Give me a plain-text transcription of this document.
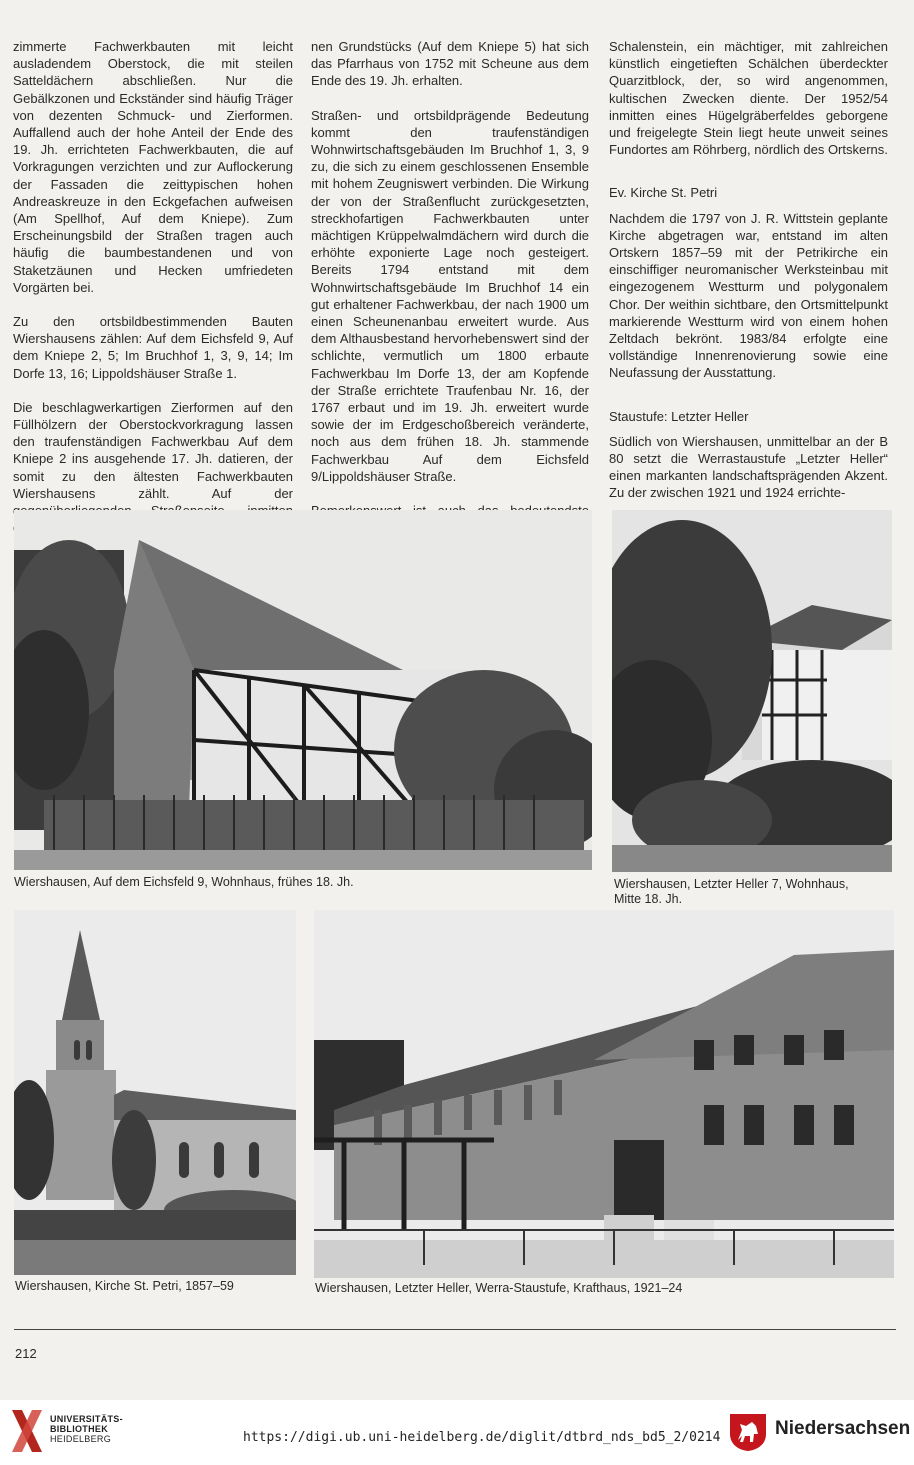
zimmerte Fachwerkbauten mit leicht ausladendem Oberstock, die mit steilen Satteldächern abschließen. Nur die Gebälkzonen und Eckständer sind häufig Träger von dezenten Schmuck- und Zierformen. Auffallend auch der hohe Anteil der Ende des 19. Jh. errichteten Fachwerkbauten, die auf Vorkragungen verzichten und zur Auflockerung der Fassaden die zeittypischen hohen Andreaskreuze in den Eckgefachen aufweisen (Am Spellhof, Auf dem Kniepe). Zum Erscheinungsbild der Straßen tragen auch häufig die baumbestandenen und von Staketzäunen und Hecken umfriedeten Vorgärten bei.

Zu den ortsbildbestimmenden Bauten Wiershausens zählen: Auf dem Eichsfeld 9, Auf dem Kniepe 2, 5; Im Bruchhof 1, 3, 9, 14; Im Dorfe 13, 16; Lippoldshäuser Straße 1.

Die beschlagwerkartigen Zierformen auf den Füllhölzern der Oberstockvorkragung lassen den traufenständigen Fachwerkbau Auf dem Kniepe 2 ins ausgehende 17. Jh. datieren, der somit zu den ältesten Fachwerkbauten Wiershausens zählt. Auf der

nen Grundstücks (Auf dem Kniepe 5) hat sich das Pfarrhaus von 1752 mit Scheune aus dem Ende des 19. Jh. erhalten.

Straßen- und ortsbildprägende Bedeutung kommt den traufenständigen Wohnwirtschaftsgebäuden Im Bruchhof 1, 3, 9 zu, die sich zu einem geschlossenen Ensemble mit hohem Zeugniswert verbinden. Die Wirkung der von der Straßenflucht zurückgesetzten, streckhofartigen Fachwerkbauten unter mächtigen Krüppelwalmdächern wird durch die erhöhte exponierte Lage noch gesteigert. Bereits 1794 entstand mit dem Wohnwirtschaftsgebäude Im Bruchhof 14 ein gut erhaltener Fachwerkbau, der nach 1900 um einen Scheunenanbau erweitert wurde. Aus dem Althausbestand hervorhebenswert sind der schlichte, vermutlich um 1800 erbaute Fachwerkbau Im Dorfe 13, der am Kopfende der Straße errichtete Traufenbau Nr. 16, der 1767 erbaut und im 19. Jh. erweitert wurde sowie der im Erdgeschoßbereich veränderte, noch aus dem frühen 18. Jh. stammende Fachwerkbau Auf dem Eichsfeld 9/Lippoldshäuser Straße.

Schalenstein, ein mächtiger, mit zahlreichen künstlich eingetieften Schälchen überdeckter Quarzitblock, der, so wird angenommen, kultischen Zwecken diente. Der 1952/54 inmitten eines Hügelgräberfeldes geborgene und freigelegte Stein liegt heute unweit seines Fundortes am Röhrberg, nördlich des Ortskerns.

Ev. Kirche St. Petri

Nachdem die 1797 von J. R. Wittstein geplante Kirche abgetragen war, entstand im alten Ortskern 1857–59 mit der Petrikirche ein einschiffiger neuromanischer Werksteinbau mit eingezogenem Westturm und polygonalem Chor. Der weithin sichtbare, den Ortsmittelpunkt markierende Westturm wird von einem hohen Zeltdach bekrönt. 1983/84 erfolgte eine vollständige Innenrenovierung sowie eine Neufassung der Ausstattung.

Staustufe: Letzter Heller

Südlich von Wiershausen, unmittelbar an der B 80 setzt die Werrastaustufe „Letzter Heller“ einen markanten landschaftsprägenden Akzent. Zu der zwischen 1921 und 1924 errichte-

Wiershausen, Auf dem Eichsfeld 9, Wohnhaus, frühes 18. Jh.	Wiershausen, Letzter Heller 7, Wohnhaus,
Mitte 18. Jh.
Wiershausen, Kirche St. Petri, 1857–59	Wiershausen, Letzter Heller, Werra-Staustufe, Krafthaus, 1921–24
212
UNIVERSITÄTS-
BIBLIOTHEK
HEIDELBERG	https://digi.ub.uni-heidelberg.de/diglit/dtbrd_nds_bd5_2/0214	Niedersachsen
